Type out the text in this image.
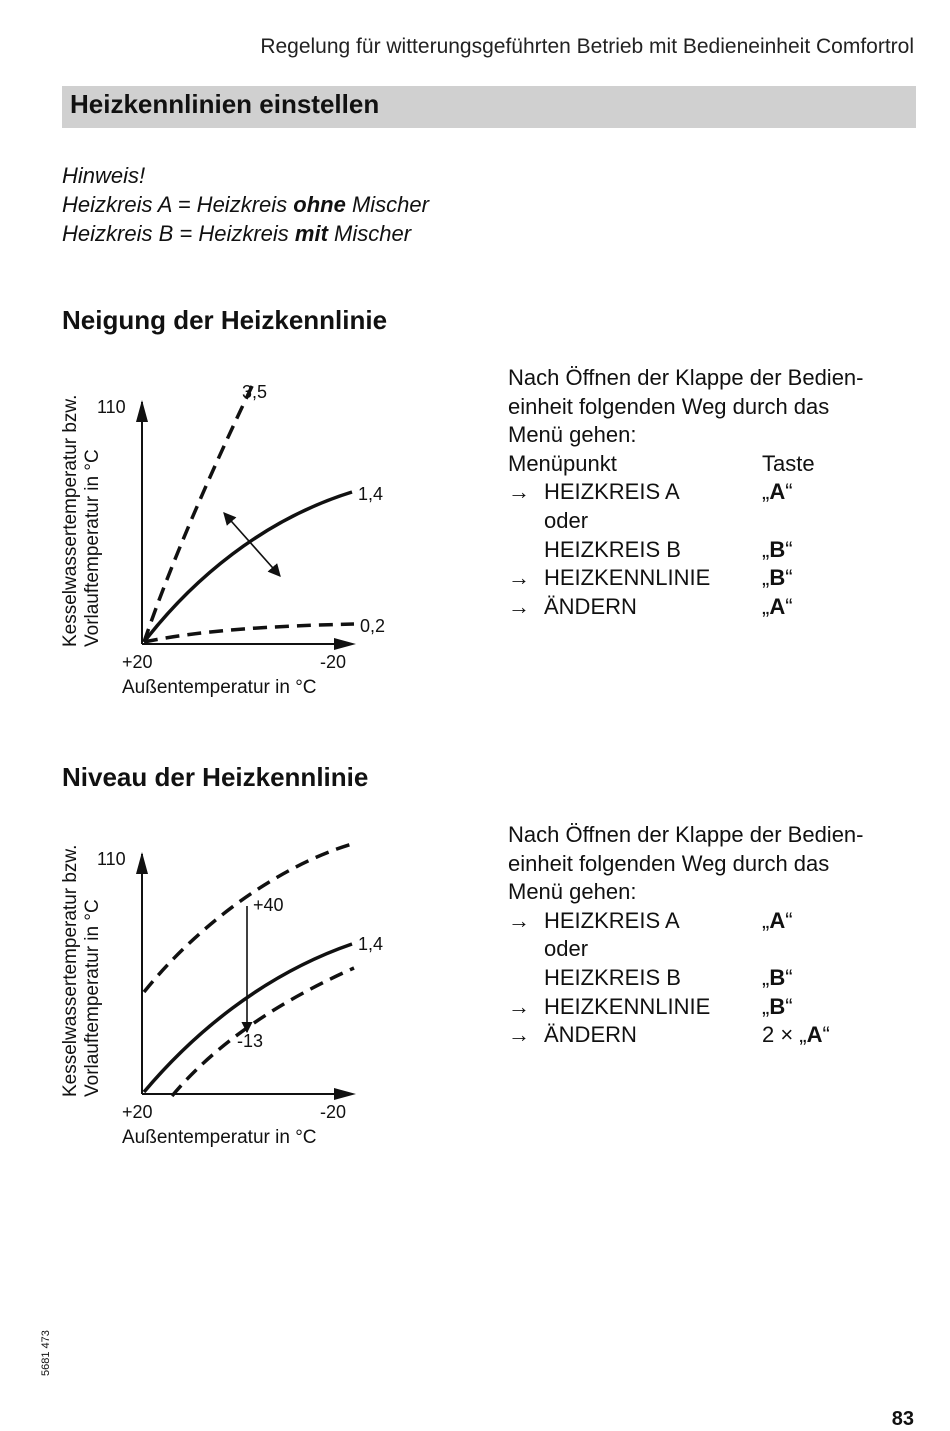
Regelung für witterungsgeführten Betrieb mit Bedieneinheit Comfortrol
Heizkennlinien einstellen
Hinweis!
Heizkreis A = Heizkreis ohne Mischer
Heizkreis B = Heizkreis mit Mischer
Neigung der Heizkennlinie
Kesselwassertemperatur bzw. Vorlauftemperatur in °C
110
+20	-20
Außentemperatur in °C
3,5
1,4
0,2
Nach Öffnen der Klappe der Bedien-
einheit folgenden Weg durch das
Menü gehen:
Menüpunkt	Taste
→ HEIZKREIS A	„A“
oder
HEIZKREIS B	„B“
→ HEIZKENNLINIE	„B“
→ ÄNDERN	„A“
Niveau der Heizkennlinie
Kesselwassertemperatur bzw. Vorlauftemperatur in °C
110
+20	-20
Außentemperatur in °C
1,4
+40
-13
Nach Öffnen der Klappe der Bedien-
einheit folgenden Weg durch das
Menü gehen:
→ HEIZKREIS A	„A“
oder
HEIZKREIS B	„B“
→ HEIZKENNLINIE	„B“
→ ÄNDERN	2 × „A“
5681 473
83
